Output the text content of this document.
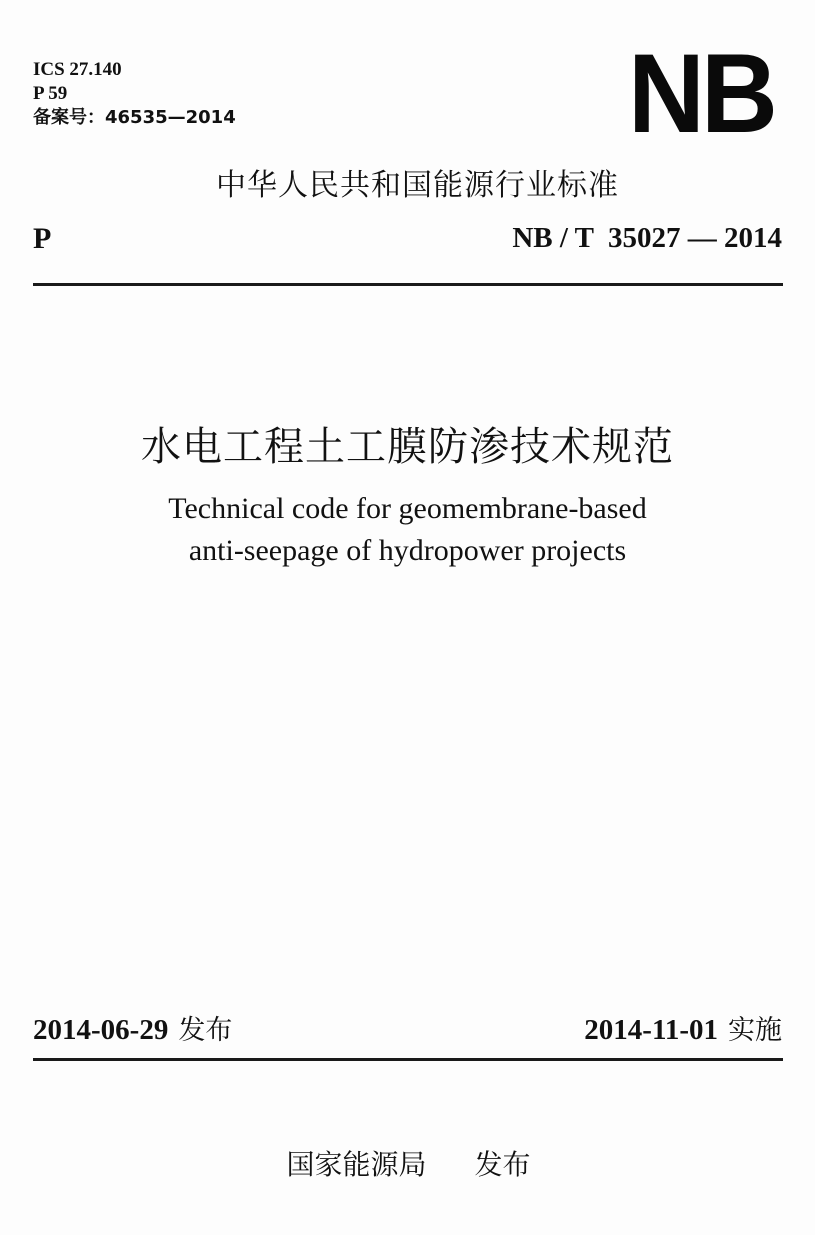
ICS 27.140
P 59
备案号：46535—2014	NB
中华人民共和国能源行业标准
P	NB / T  35027 — 2014
水电工程土工膜防渗技术规范
Technical code for geomembrane-based
anti-seepage of hydropower projects
2014-06-29 发布	2014-11-01 实施
国家能源局 发布
